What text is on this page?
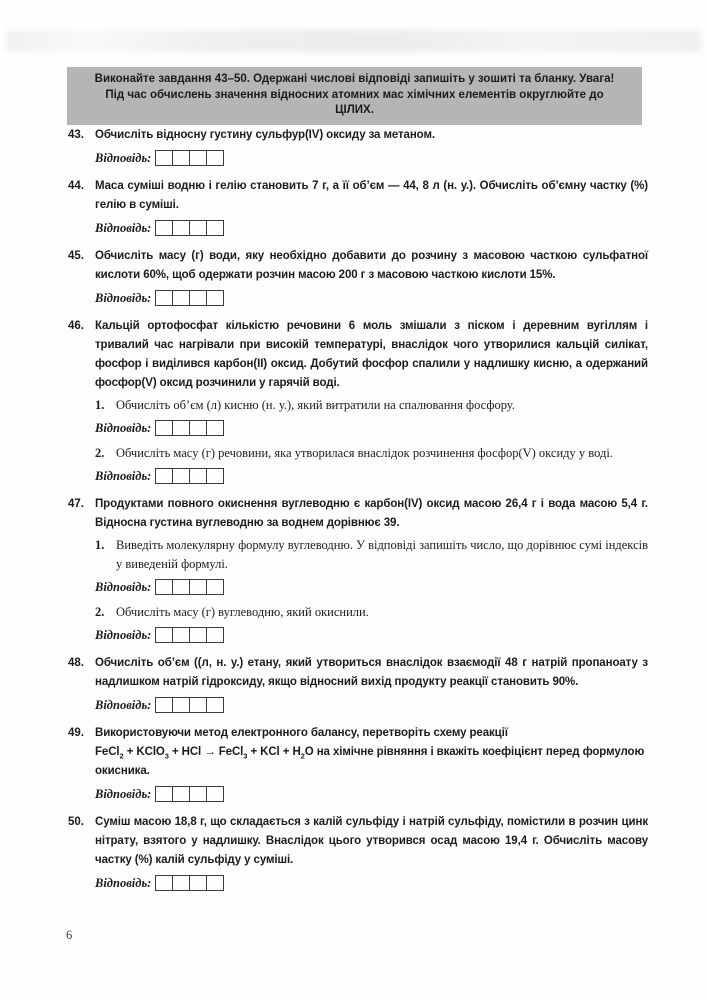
Виконайте завдання 43–50. Одержані числові відповіді запишіть у зошиті та бланку. Увага!
Під час обчислень значення відносних атомних мас хімічних елементів округлюйте до ЦІЛИХ.
43. Обчисліть відносну густину сульфур(IV) оксиду за метаном.
Відповідь:
44. Маса суміші водню і гелію становить 7 г, а її об’єм — 44, 8 л (н. у.). Обчисліть об’ємну частку (%) гелію в суміші.
Відповідь:
45. Обчисліть масу (г) води, яку необхідно добавити до розчину з масовою часткою сульфатної кислоти 60%, щоб одержати розчин масою 200 г з масовою часткою кислоти 15%.
Відповідь:
46. Кальцій ортофосфат кількістю речовини 6 моль змішали з піском і деревним вугіллям і тривалий час нагрівали при високій температурі, внаслідок чого утворилися кальцій силікат, фосфор і виділився карбон(II) оксид. Добутий фосфор спалили у надлишку кисню, а одержаний фосфор(V) оксид розчинили у гарячій воді.
1. Обчисліть об’єм (л) кисню (н. у.), який витратили на спалювання фосфору.
Відповідь:
2. Обчисліть масу (г) речовини, яка утворилася внаслідок розчинення фосфор(V) оксиду у воді.
Відповідь:
47. Продуктами повного окиснення вуглеводню є карбон(IV) оксид масою 26,4 г і вода масою 5,4 г. Відносна густина вуглеводню за воднем дорівнює 39.
1. Виведіть молекулярну формулу вуглеводню. У відповіді запишіть число, що дорівнює сумі індексів у виведеній формулі.
Відповідь:
2. Обчисліть масу (г) вуглеводню, який окиснили.
Відповідь:
48. Обчисліть об’єм ((л, н. у.) етану, який утвориться внаслідок взаємодії 48 г натрій пропаноату з надлишком натрій гідроксиду, якщо відносний вихід продукту реакції становить 90%.
Відповідь:
49. Використовуючи метод електронного балансу, перетворіть схему реакції
FeCl$_2$ + KClO$_3$ + HCl → FeCl$_3$ + KCl + $H_2O$ на хімічне рівняння і вкажіть коефіцієнт перед формулою окисника.
Відповідь:
50. Суміш масою 18,8 г, що складається з калій сульфіду і натрій сульфіду, помістили в розчин цинк нітрату, взятого у надлишку. Внаслідок цього утворився осад масою 19,4 г. Обчисліть масову частку (%) калій сульфіду у суміші.
Відповідь:
6
